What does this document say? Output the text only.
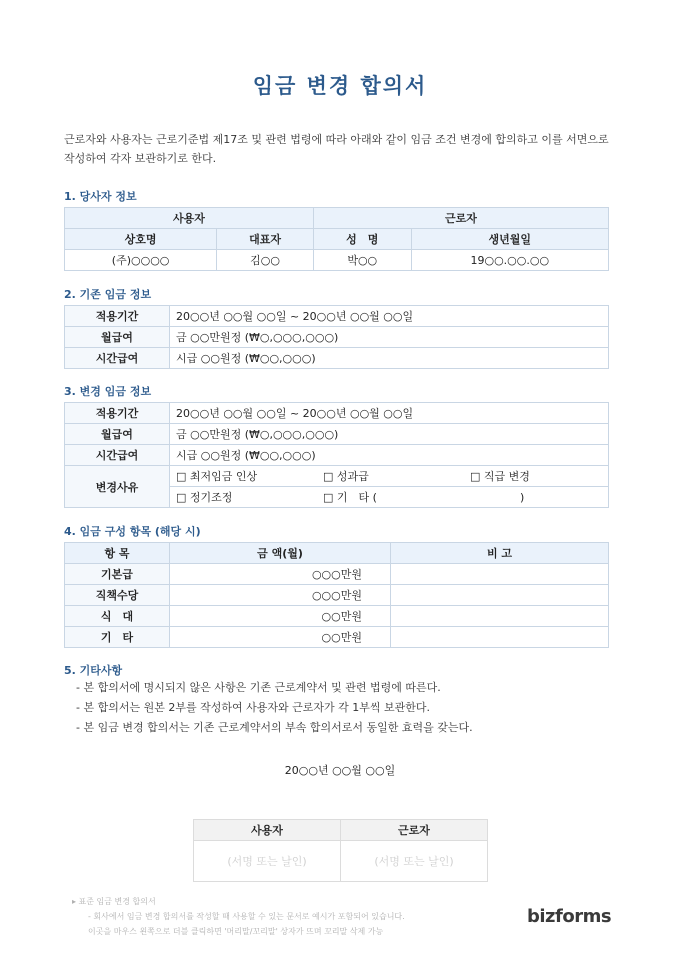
임금 변경 합의서
근로자와 사용자는 근로기준법 제17조 및 관련 법령에 따라 아래와 같이 임금 조건 변경에 합의하고 이를 서면으로 작성하여 각자 보관하기로 한다.
1. 당사자 정보
사용자		근로자	
상호명	대표자	성　명	생년월일
(주)○○○○	김○○	박○○	19○○.○○.○○
2. 기존 임금 정보
적용기간	20○○년 ○○월 ○○일 ~ 20○○년 ○○월 ○○일
월급여	금 ○○만원정 (₩○,○○○,○○○)
시간급여	시급 ○○원정 (₩○○,○○○)
3. 변경 임금 정보
적용기간	20○○년 ○○월 ○○일 ~ 20○○년 ○○월 ○○일		
월급여	금 ○○만원정 (₩○,○○○,○○○)		
시간급여	시급 ○○원정 (₩○○,○○○)		
변경사유	□ 최저임금 인상	□ 성과급	□ 직급 변경
	□ 정기조정	□ 기　타 (	)
4. 임금 구성 항목 (해당 시)
항 목	금 액(월)	비 고
기본급	○○○만원	
직책수당	○○○만원	
식　대	○○만원	
기　타	○○만원	
5. 기타사항
- 본 합의서에 명시되지 않은 사항은 기존 근로계약서 및 관련 법령에 따른다.
- 본 합의서는 원본 2부를 작성하여 사용자와 근로자가 각 1부씩 보관한다.
- 본 임금 변경 합의서는 기존 근로계약서의 부속 합의서로서 동일한 효력을 갖는다.
20○○년 ○○월 ○○일
사용자	근로자
(서명 또는 날인)	(서명 또는 날인)
▸ 표준 임금 변경 합의서
- 회사에서 임금 변경 합의서를 작성할 때 사용할 수 있는 문서로 예시가 포함되어 있습니다.
이곳을 마우스 왼쪽으로 더블 클릭하면 '머리말/꼬리말' 상자가 뜨며 꼬리말 삭제 가능
bizforms
